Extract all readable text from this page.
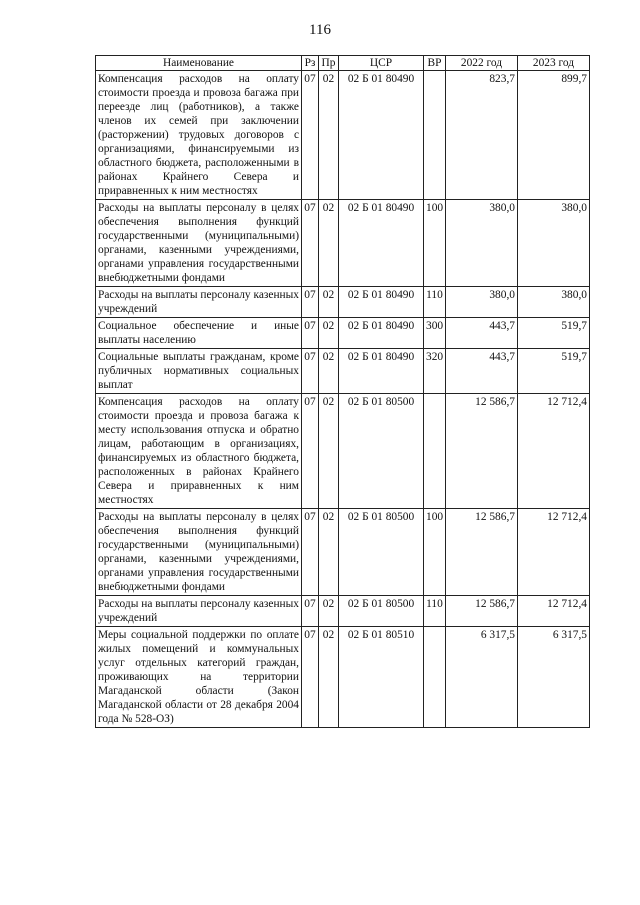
116
Наименование	Рз	Пр	ЦСР	ВР	2022 год	2023 год
Компенсация расходов на оплату стоимости проезда и провоза багажа при переезде лиц (работников), а также членов их семей при заключении (расторжении) трудовых договоров с организациями, финансируемыми из областного бюджета, расположенными в районах Крайнего Севера и приравненных к ним местностях	07	02	02 Б 01 80490		823,7	899,7
Расходы на выплаты персоналу в целях обеспечения выполнения функций государственными (муниципальными) органами, казенными учреждениями, органами управления государственными внебюджетными фондами	07	02	02 Б 01 80490	100	380,0	380,0
Расходы на выплаты персоналу казенных учреждений	07	02	02 Б 01 80490	110	380,0	380,0
Социальное обеспечение и иные выплаты населению	07	02	02 Б 01 80490	300	443,7	519,7
Социальные выплаты гражданам, кроме публичных нормативных социальных выплат	07	02	02 Б 01 80490	320	443,7	519,7
Компенсация расходов на оплату стоимости проезда и провоза багажа к месту использования отпуска и обратно лицам, работающим в организациях, финансируемых из областного бюджета, расположенных в районах Крайнего Севера и приравненных к ним местностях	07	02	02 Б 01 80500		12 586,7	12 712,4
Расходы на выплаты персоналу в целях обеспечения выполнения функций государственными (муниципальными) органами, казенными учреждениями, органами управления государственными внебюджетными фондами	07	02	02 Б 01 80500	100	12 586,7	12 712,4
Расходы на выплаты персоналу казенных учреждений	07	02	02 Б 01 80500	110	12 586,7	12 712,4
Меры социальной поддержки по оплате жилых помещений и коммунальных услуг отдельных категорий граждан, проживающих на территории Магаданской области (Закон Магаданской области от 28 декабря 2004 года № 528-ОЗ)	07	02	02 Б 01 80510		6 317,5	6 317,5
